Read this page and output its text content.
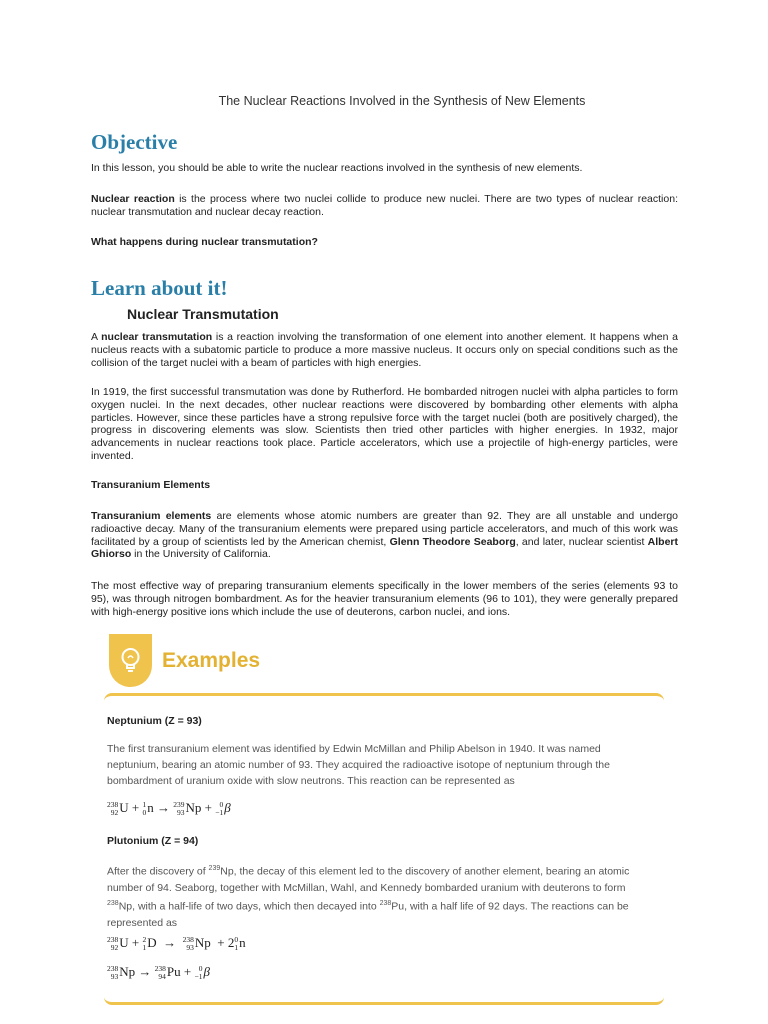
The Nuclear Reactions Involved in the Synthesis of New Elements
Objective

In this lesson, you should be able to write the nuclear reactions involved in the synthesis of new elements.

Nuclear reaction is the process where two nuclei collide to produce new nuclei. There are two types of nuclear reaction: nuclear transmutation and nuclear decay reaction.

What happens during nuclear transmutation?

Learn about it!
Nuclear Transmutation

A nuclear transmutation is a reaction involving the transformation of one element into another element. It happens when a nucleus reacts with a subatomic particle to produce a more massive nucleus. It occurs only on special conditions such as the collision of the target nuclei with a beam of particles with high energies.

In 1919, the first successful transmutation was done by Rutherford. He bombarded nitrogen nuclei with alpha particles to form oxygen nuclei. In the next decades, other nuclear reactions were discovered by bombarding other elements with alpha particles. However, since these particles have a strong repulsive force with the target nuclei (both are positively charged), the progress in discovering elements was slow. Scientists then tried other particles with higher energies. In 1932, major advancements in nuclear reactions took place. Particle accelerators, which use a projectile of high-energy particles, were invented.

Transuranium Elements

Transuranium elements are elements whose atomic numbers are greater than 92. They are all unstable and undergo radioactive decay. Many of the transuranium elements were prepared using particle accelerators, and much of this work was facilitated by a group of scientists led by the American chemist, Glenn Theodore Seaborg, and later, nuclear scientist Albert Ghiorso in the University of California.

The most effective way of preparing transuranium elements specifically in the lower members of the series (elements 93 to 95), was through nitrogen bombardment. As for the heavier transuranium elements (96 to 101), they were generally prepared with high-energy positive ions which include the use of deuterons, carbon nuclei, and ions.

Examples

Neptunium (Z = 93)

The first transuranium element was identified by Edwin McMillan and Philip Abelson in 1940. It was named neptunium, bearing an atomic number of 93. They acquired the radioactive isotope of neptunium through the bombardment of uranium oxide with slow neutrons. This reaction can be represented as

238
92 U + 1
0 n → 239
93 Np + 0
−1 β

Plutonium (Z = 94)

After the discovery of $^{239}$Np, the decay of this element led to the discovery of another element, bearing an atomic number of 94. Seaborg, together with McMillan, Wahl, and Kennedy bombarded uranium with deuterons to form $^{238}$Np, with a half-life of two days, which then decayed into $^{238}$Pu, with a half life of 92 days. The reactions can be represented as

238
92 U + 2
1 D → 238
93 Np + 2 0
1 n
238
93 Np → 238
94 Pu + 0
−1 β
